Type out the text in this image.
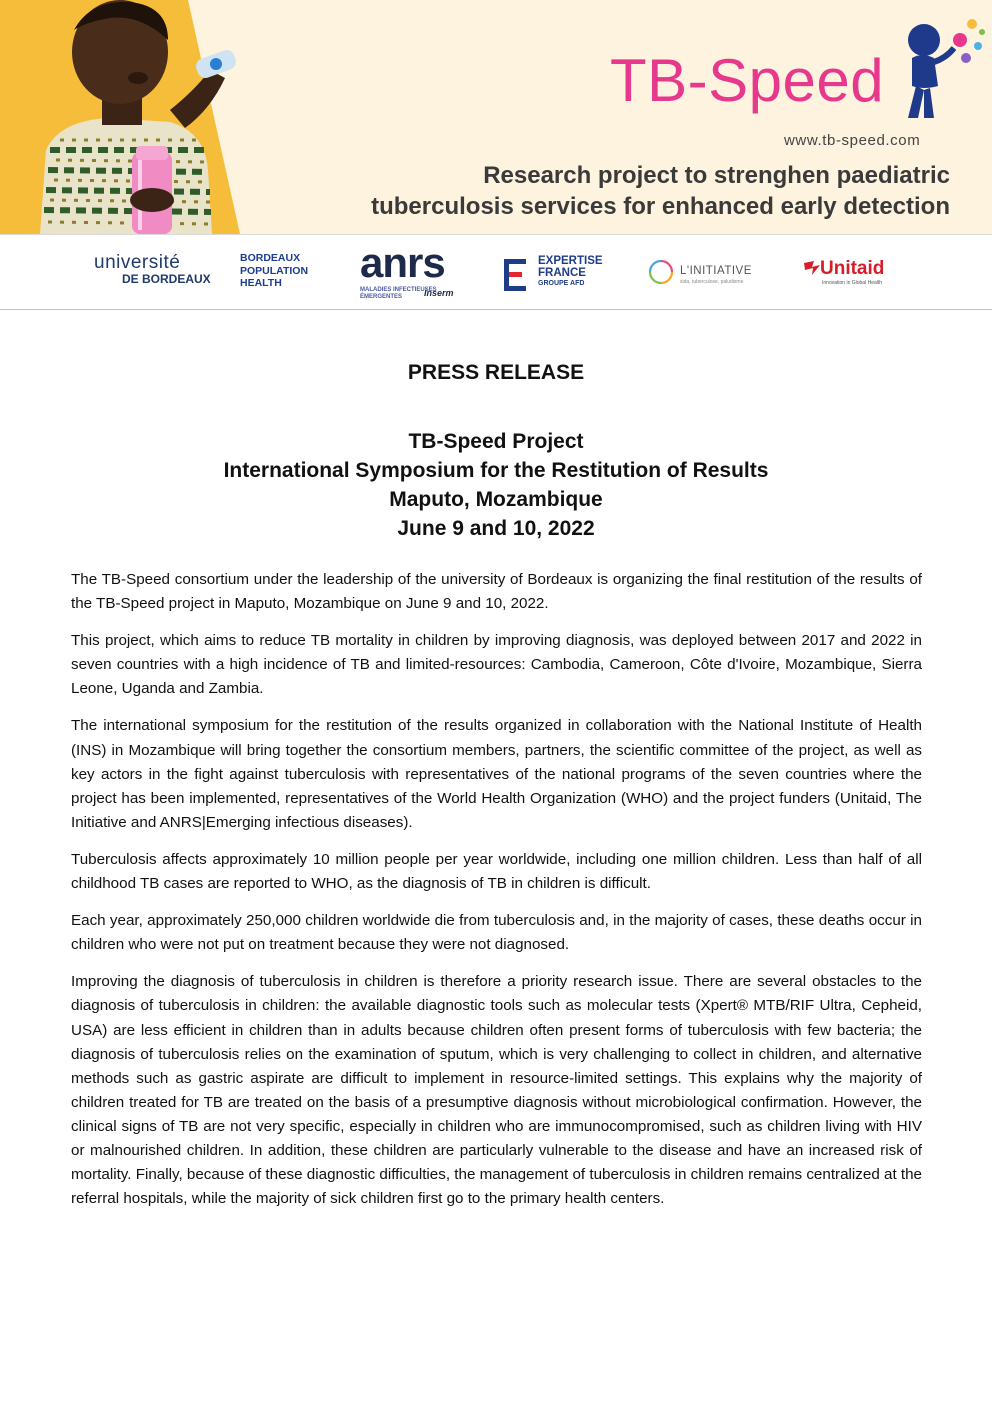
TB-Speed
www.tb-speed.com
Research project to strenghen paediatric
tuberculosis services for enhanced early detection
université
DE BORDEAUX
BORDEAUX
POPULATION
HEALTH	anrs
MALADIES INFECTIEUSES
ÉMERGENTES	Inserm
EXPERTISE
FRANCE
GROUPE AFD
L'INITIATIVE
sida, tuberculose, paludisme
Unitaid
Innovation in Global Health
PRESS RELEASE
TB-Speed Project
International Symposium for the Restitution of Results
Maputo, Mozambique
June 9 and 10, 2022

The TB-Speed consortium under the leadership of the university of Bordeaux is organizing the final restitution of the results of the TB-Speed project in Maputo, Mozambique on June 9 and 10, 2022.

This project, which aims to reduce TB mortality in children by improving diagnosis, was deployed between 2017 and 2022 in seven countries with a high incidence of TB and limited-resources: Cambodia, Cameroon, Côte d'Ivoire, Mozambique, Sierra Leone, Uganda and Zambia.

The international symposium for the restitution of the results organized in collaboration with the National Institute of Health (INS) in Mozambique will bring together the consortium members, partners, the scientific committee of the project, as well as key actors in the fight against tuberculosis with representatives of the national programs of the seven countries where the project has been implemented, representatives of the World Health Organization (WHO) and the project funders (Unitaid, The Initiative and ANRS|Emerging infectious diseases).

Tuberculosis affects approximately 10 million people per year worldwide, including one million children. Less than half of all childhood TB cases are reported to WHO, as the diagnosis of TB in children is difficult.

Each year, approximately 250,000 children worldwide die from tuberculosis and, in the majority of cases, these deaths occur in children who were not put on treatment because they were not diagnosed.

Improving the diagnosis of tuberculosis in children is therefore a priority research issue. There are several obstacles to the diagnosis of tuberculosis in children: the available diagnostic tools such as molecular tests (Xpert® MTB/RIF Ultra, Cepheid, USA) are less efficient in children than in adults because children often present forms of tuberculosis with few bacteria; the diagnosis of tuberculosis relies on the examination of sputum, which is very challenging to collect in children, and alternative methods such as gastric aspirate are difficult to implement in resource-limited settings. This explains why the majority of children treated for TB are treated on the basis of a presumptive diagnosis without microbiological confirmation. However, the clinical signs of TB are not very specific, especially in children who are immunocompromised, such as children living with HIV or malnourished children. In addition, these children are particularly vulnerable to the disease and have an increased risk of mortality. Finally, because of these diagnostic difficulties, the management of tuberculosis in children remains centralized at the referral hospitals, while the majority of sick children first go to the primary health centers.
